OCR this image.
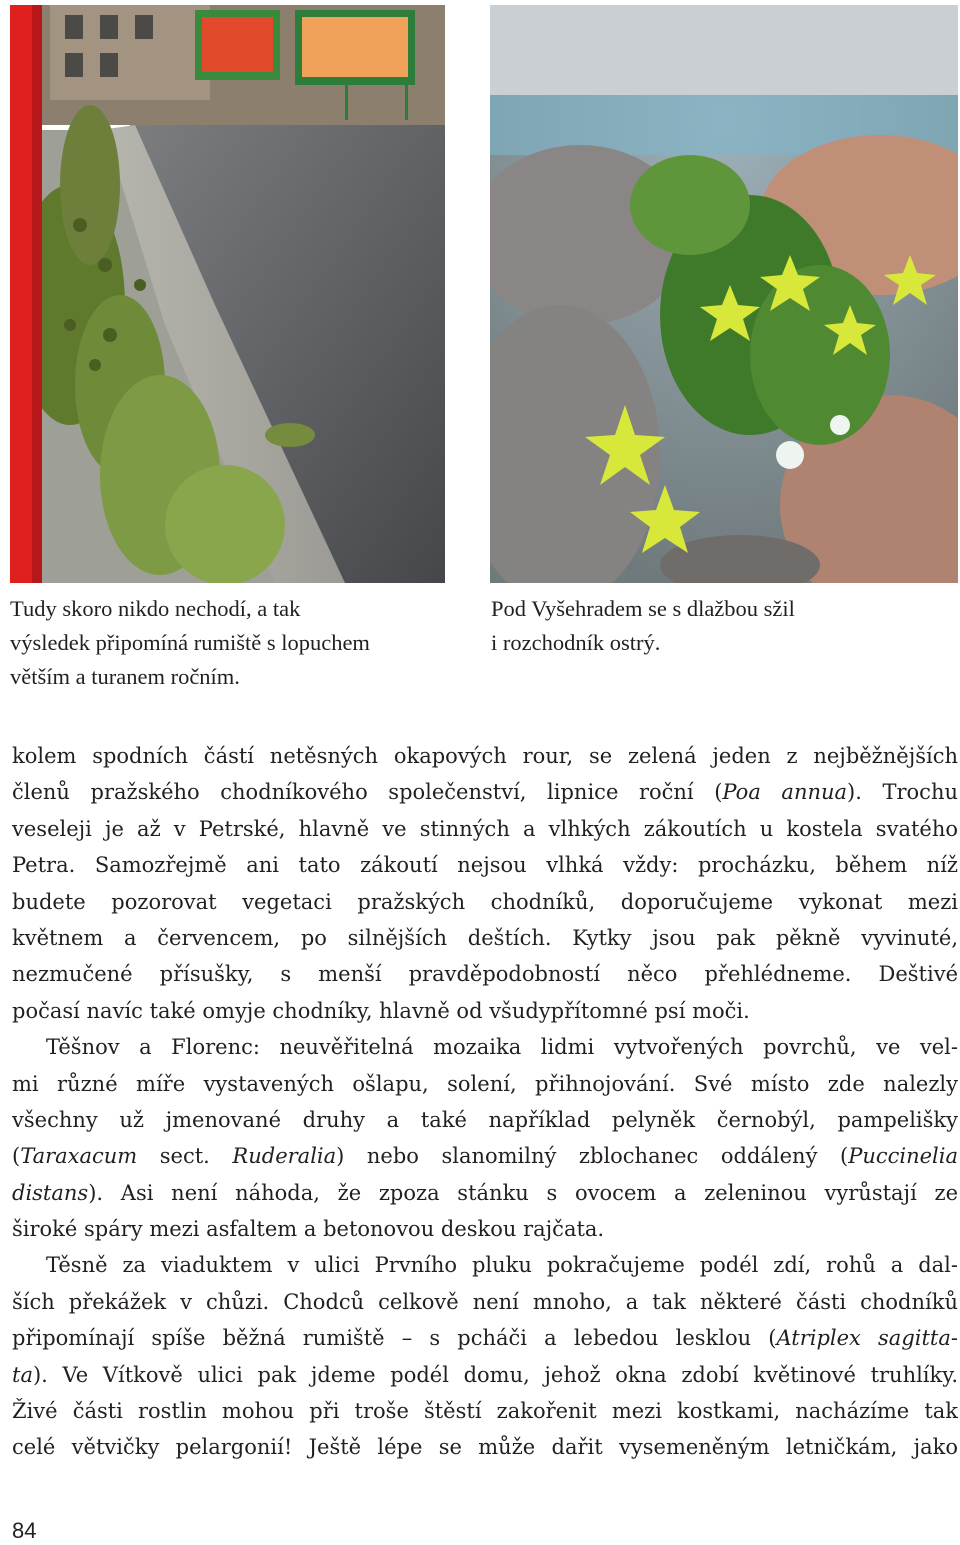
Tudy skoro nikdo nechodí, a tak
výsledek připomíná rumiště s lopuchem
větším a turanem ročním.
Pod Vyšehradem se s dlažbou sžil
i rozchodník ostrý.
kolem spodních částí netěsných okapových rour, se zelená jeden z nejběžnějších
členů pražského chodníkového společenství, lipnice roční (Poa annua). Trochu
veseleji je až v Petrské, hlavně ve stinných a vlhkých zákoutích u kostela svatého
Petra. Samozřejmě ani tato zákoutí nejsou vlhká vždy: procházku, během níž
budete pozorovat vegetaci pražských chodníků, doporučujeme vykonat mezi
květnem a červencem, po silnějších deštích. Kytky jsou pak pěkně vyvinuté,
nezmučené přísušky, s menší pravděpodobností něco přehlédneme. Deštivé
počasí navíc také omyje chodníky, hlavně od všudypřítomné psí moči.
Těšnov a Florenc: neuvěřitelná mozaika lidmi vytvořených povrchů, ve vel-
mi různé míře vystavených ošlapu, solení, přihnojování. Své místo zde nalezly
všechny už jmenované druhy a také například pelyněk černobýl, pampelišky
(Taraxacum sect. Ruderalia) nebo slanomilný zblochanec oddálený (Puccinelia
distans). Asi není náhoda, že zpoza stánku s ovocem a zeleninou vyrůstají ze
široké spáry mezi asfaltem a betonovou deskou rajčata.
Těsně za viaduktem v ulici Prvního pluku pokračujeme podél zdí, rohů a dal-
ších překážek v chůzi. Chodců celkově není mnoho, a tak některé části chodníků
připomínají spíše běžná rumiště – s pcháči a lebedou lesklou (Atriplex sagitta-
ta). Ve Vítkově ulici pak jdeme podél domu, jehož okna zdobí květinové truhlíky.
Živé části rostlin mohou při troše štěstí zakořenit mezi kostkami, nacházíme tak
celé větvičky pelargonií! Ještě lépe se může dařit vysemeněným letničkám, jako
84
